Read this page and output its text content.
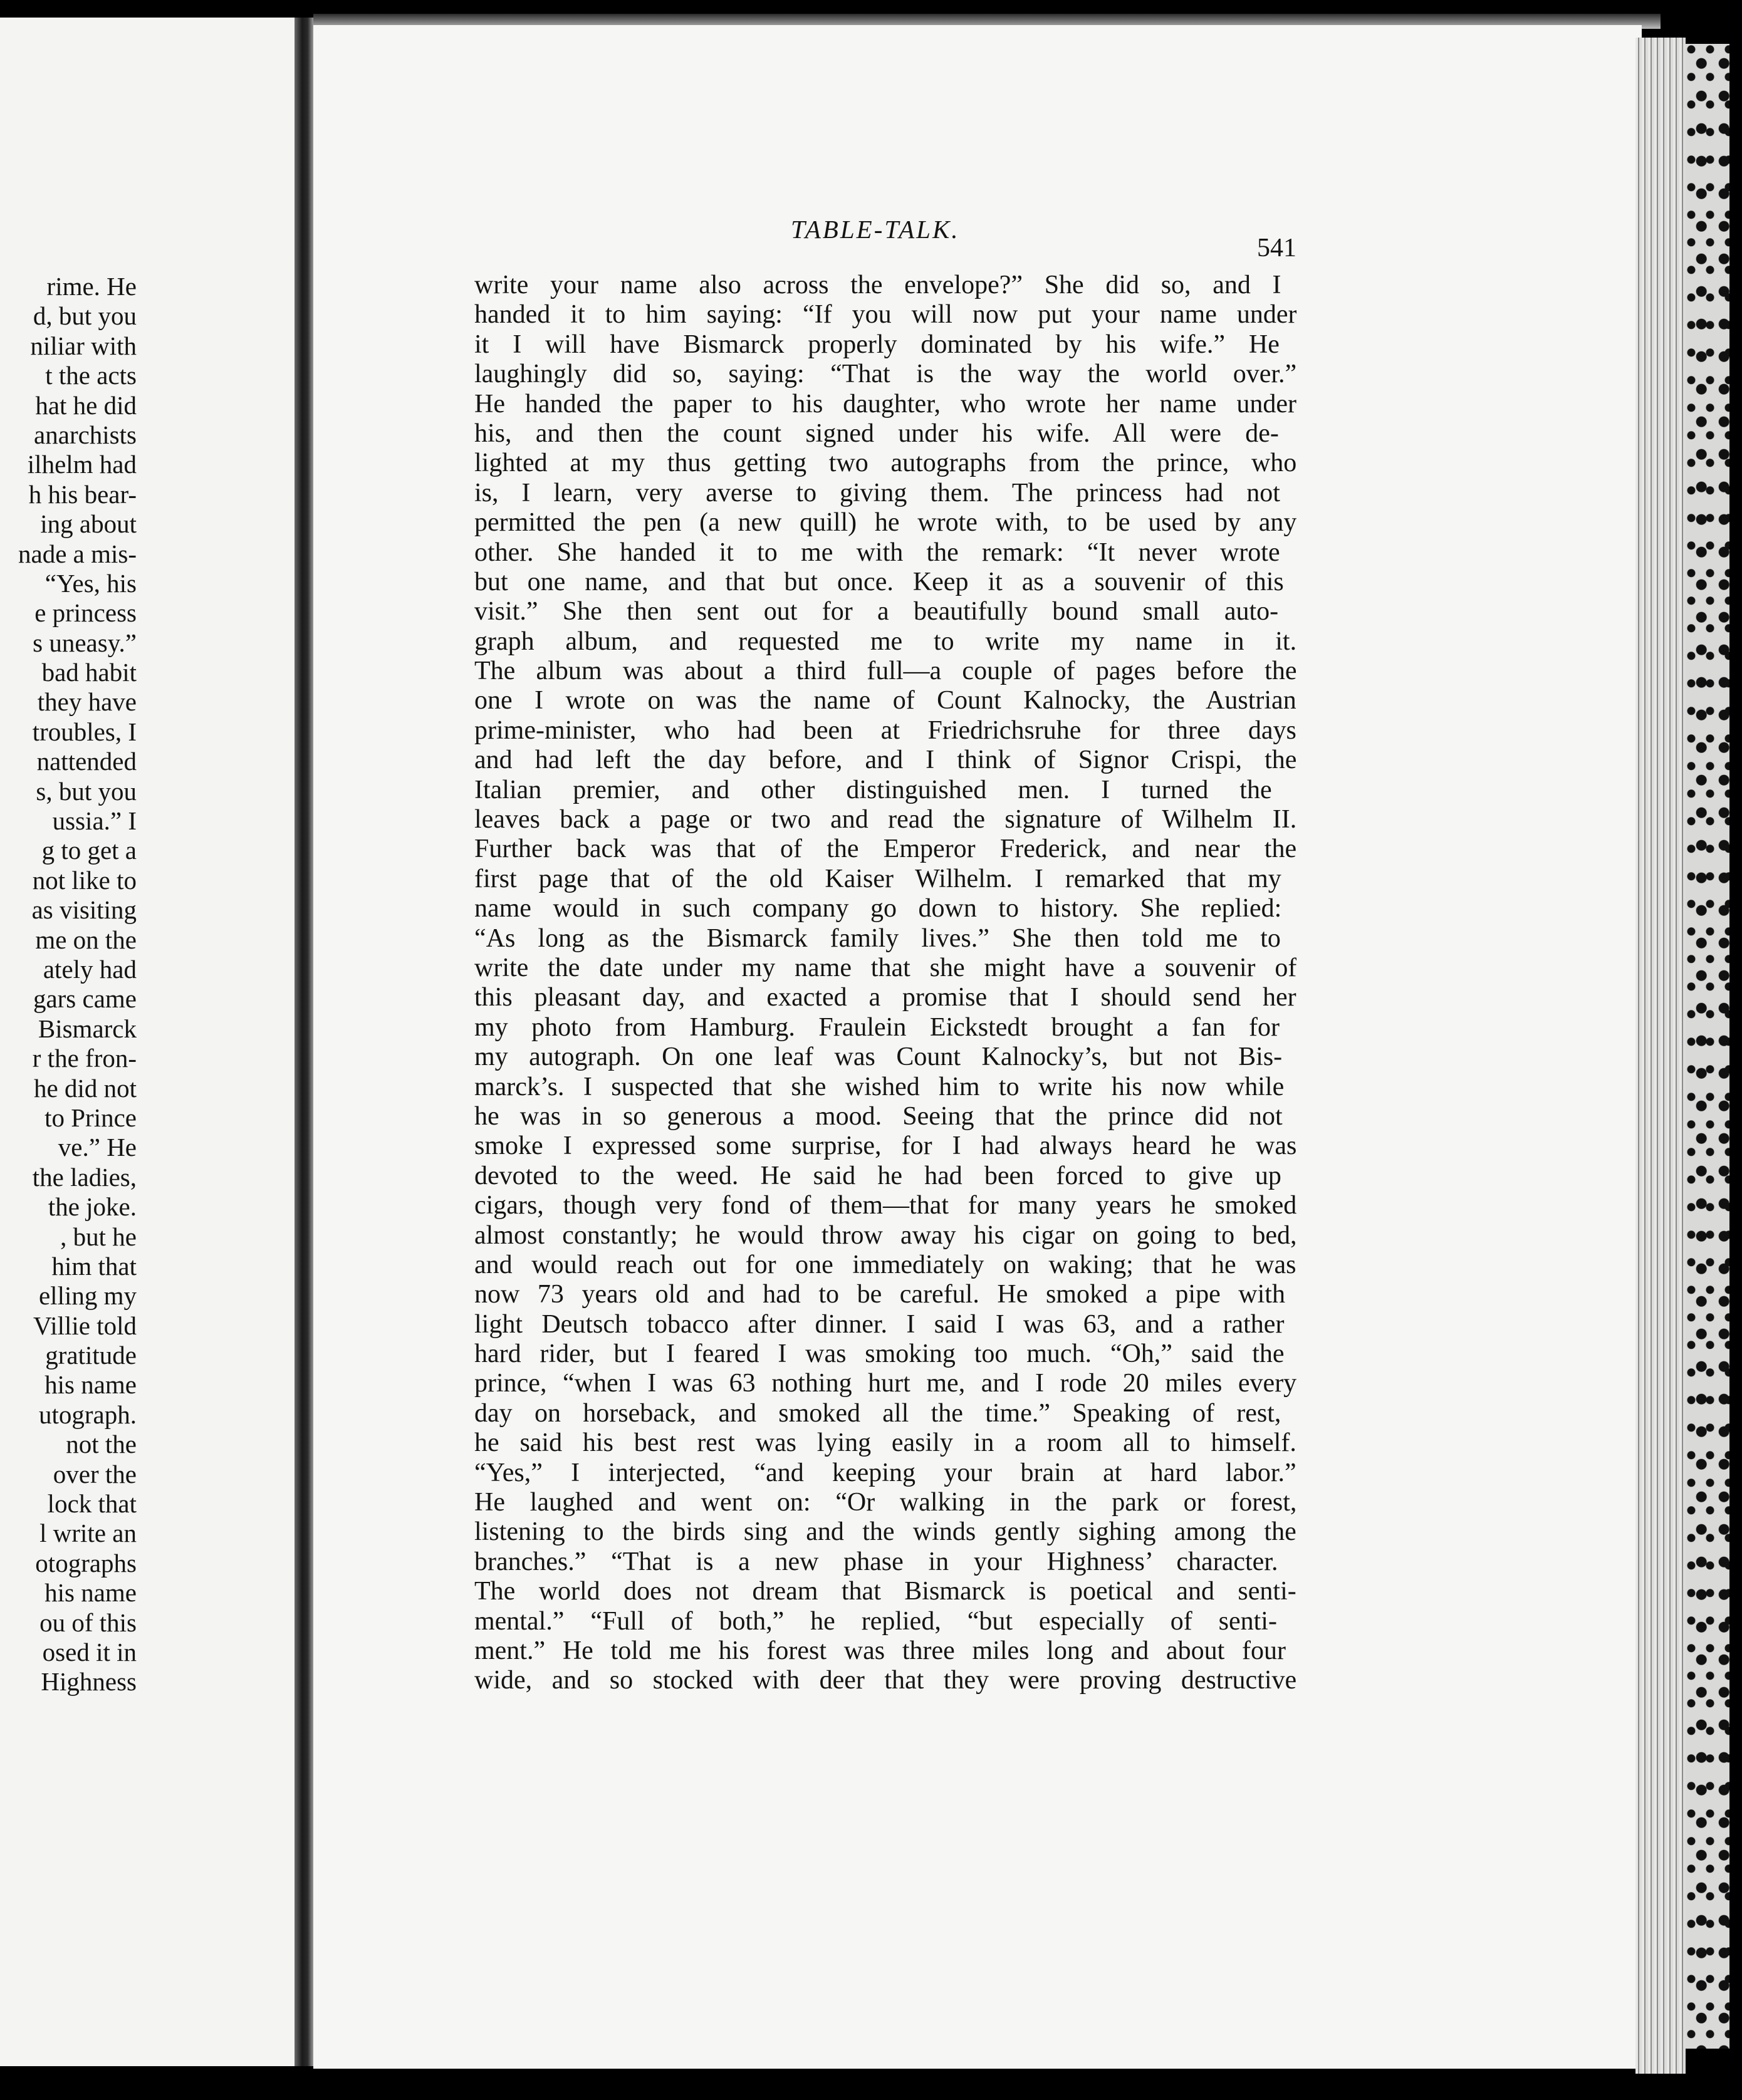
rime. He
d, but you
niliar with
t the acts
hat he did
anarchists
ilhelm had
h his bear-
ing about
nade a mis-
“Yes, his
e princess
s uneasy.”
bad habit
they have
troubles, I
nattended
s, but you
ussia.” I
g to get a
not like to
as visiting
me on the
ately had
gars came
Bismarck
r the fron-
he did not
to Prince
ve.” He
the ladies,
the joke.
, but he
him that
elling my
Villie told
gratitude
his name
utograph.
not the
over the
lock that
l write an
otographs
his name
ou of this
osed it in
Highness
TABLE-TALK.
541
write your name also across the envelope?” She did so, and I
handed it to him saying: “If you will now put your name under
it I will have Bismarck properly dominated by his wife.” He
laughingly did so, saying: “That is the way the world over.”
He handed the paper to his daughter, who wrote her name under
his, and then the count signed under his wife. All were de-
lighted at my thus getting two autographs from the prince, who
is, I learn, very averse to giving them. The princess had not
permitted the pen (a new quill) he wrote with, to be used by any
other. She handed it to me with the remark: “It never wrote
but one name, and that but once. Keep it as a souvenir of this
visit.” She then sent out for a beautifully bound small auto-
graph album, and requested me to write my name in it.
The album was about a third full—a couple of pages before the
one I wrote on was the name of Count Kalnocky, the Austrian
prime-minister, who had been at Friedrichsruhe for three days
and had left the day before, and I think of Signor Crispi, the
Italian premier, and other distinguished men. I turned the
leaves back a page or two and read the signature of Wilhelm II.
Further back was that of the Emperor Frederick, and near the
first page that of the old Kaiser Wilhelm. I remarked that my
name would in such company go down to history. She replied:
“As long as the Bismarck family lives.” She then told me to
write the date under my name that she might have a souvenir of
this pleasant day, and exacted a promise that I should send her
my photo from Hamburg. Fraulein Eickstedt brought a fan for
my autograph. On one leaf was Count Kalnocky’s, but not Bis-
marck’s. I suspected that she wished him to write his now while
he was in so generous a mood. Seeing that the prince did not
smoke I expressed some surprise, for I had always heard he was
devoted to the weed. He said he had been forced to give up
cigars, though very fond of them—that for many years he smoked
almost constantly; he would throw away his cigar on going to bed,
and would reach out for one immediately on waking; that he was
now 73 years old and had to be careful. He smoked a pipe with
light Deutsch tobacco after dinner. I said I was 63, and a rather
hard rider, but I feared I was smoking too much. “Oh,” said the
prince, “when I was 63 nothing hurt me, and I rode 20 miles every
day on horseback, and smoked all the time.” Speaking of rest,
he said his best rest was lying easily in a room all to himself.
“Yes,” I interjected, “and keeping your brain at hard labor.”
He laughed and went on: “Or walking in the park or forest,
listening to the birds sing and the winds gently sighing among the
branches.” “That is a new phase in your Highness’ character.
The world does not dream that Bismarck is poetical and senti-
mental.” “Full of both,” he replied, “but especially of senti-
ment.” He told me his forest was three miles long and about four
wide, and so stocked with deer that they were proving destructive
